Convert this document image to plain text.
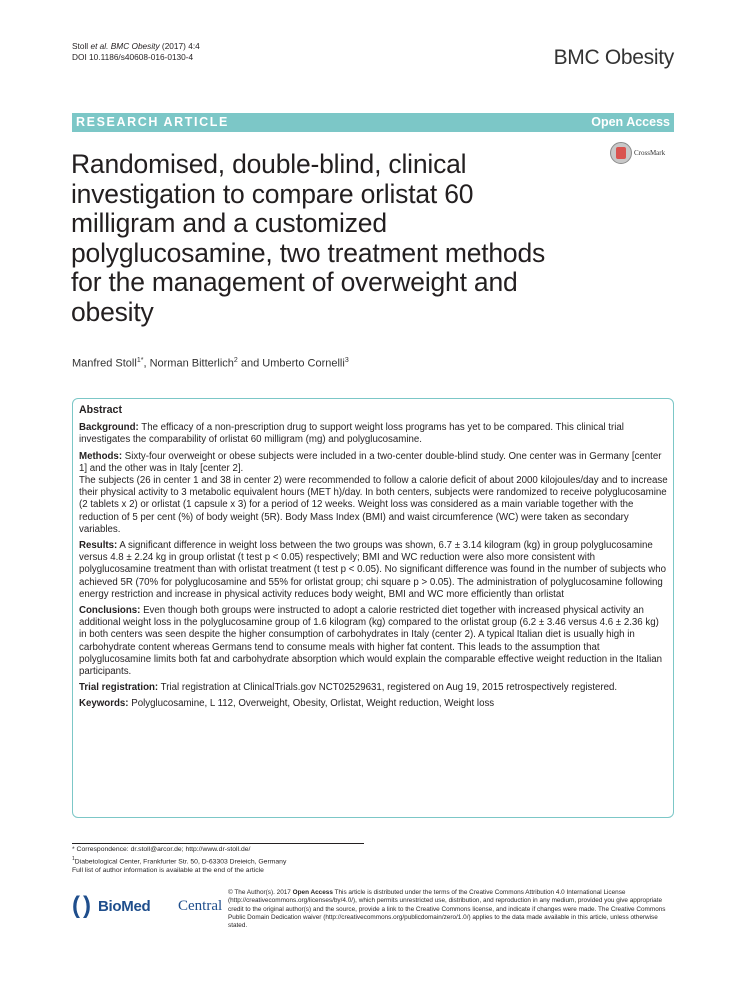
Stoll et al. BMC Obesity (2017) 4:4
DOI 10.1186/s40608-016-0130-4	BMC Obesity
RESEARCH ARTICLE	Open Access
CrossMark
Randomised, double-blind, clinical investigation to compare orlistat 60 milligram and a customized polyglucosamine, two treatment methods for the management of overweight and obesity
Manfred Stoll$^{1*}$, Norman Bitterlich$^2$ and Umberto Cornelli$^3$
Abstract

Background: The efficacy of a non-prescription drug to support weight loss programs has yet to be compared. This clinical trial investigates the comparability of orlistat 60 milligram (mg) and polyglucosamine.

Methods: Sixty-four overweight or obese subjects were included in a two-center double-blind study. One center was in Germany [center 1] and the other was in Italy [center 2].

The subjects (26 in center 1 and 38 in center 2) were recommended to follow a calorie deficit of about 2000 kilojoules/day and to increase their physical activity to 3 metabolic equivalent hours (MET h)/day. In both centers, subjects were randomized to receive polyglucosamine (2 tablets x 2) or orlistat (1 capsule x 3) for a period of 12 weeks. Weight loss was considered as a main variable together with the reduction of 5 per cent (%) of body weight (5R). Body Mass Index (BMI) and waist circumference (WC) were taken as secondary variables.

Results: A significant difference in weight loss between the two groups was shown, 6.7 ± 3.14 kilogram (kg) in group polyglucosamine versus 4.8 ± 2.24 kg in group orlistat (t test p < 0.05) respectively; BMI and WC reduction were also more consistent with polyglucosamine treatment than with orlistat treatment (t test p < 0.05). No significant difference was found in the number of subjects who achieved 5R (70% for polyglucosamine and 55% for orlistat group; chi square p > 0.05). The administration of polyglucosamine following energy restriction and increase in physical activity reduces body weight, BMI and WC more efficiently than orlistat

Conclusions: Even though both groups were instructed to adopt a calorie restricted diet together with increased physical activity an additional weight loss in the polyglucosamine group of 1.6 kilogram (kg) compared to the orlistat group (6.2 ± 3.46 versus 4.6 ± 2.36 kg) in both centers was seen despite the higher consumption of carbohydrates in Italy (center 2). A typical Italian diet is usually high in carbohydrate content whereas Germans tend to consume meals with higher fat content. This leads to the assumption that polyglucosamine limits both fat and carbohydrate absorption which would explain the comparable effective weight reduction in the Italian participants.

Trial registration: Trial registration at ClinicalTrials.gov NCT02529631, registered on Aug 19, 2015 retrospectively registered.

Keywords: Polyglucosamine, L 112, Overweight, Obesity, Orlistat, Weight reduction, Weight loss

* Correspondence: dr.stoll@arcor.de; http://www.dr-stoll.de/
$^1$Diabetological Center, Frankfurter Str. 50, D-63303 Dreieich, Germany
Full list of author information is available at the end of the article
( ) BioMed Central
© The Author(s). 2017 Open Access This article is distributed under the terms of the Creative Commons Attribution 4.0 International License (http://creativecommons.org/licenses/by/4.0/), which permits unrestricted use, distribution, and reproduction in any medium, provided you give appropriate credit to the original author(s) and the source, provide a link to the Creative Commons license, and indicate if changes were made. The Creative Commons Public Domain Dedication waiver (http://creativecommons.org/publicdomain/zero/1.0/) applies to the data made available in this article, unless otherwise stated.
